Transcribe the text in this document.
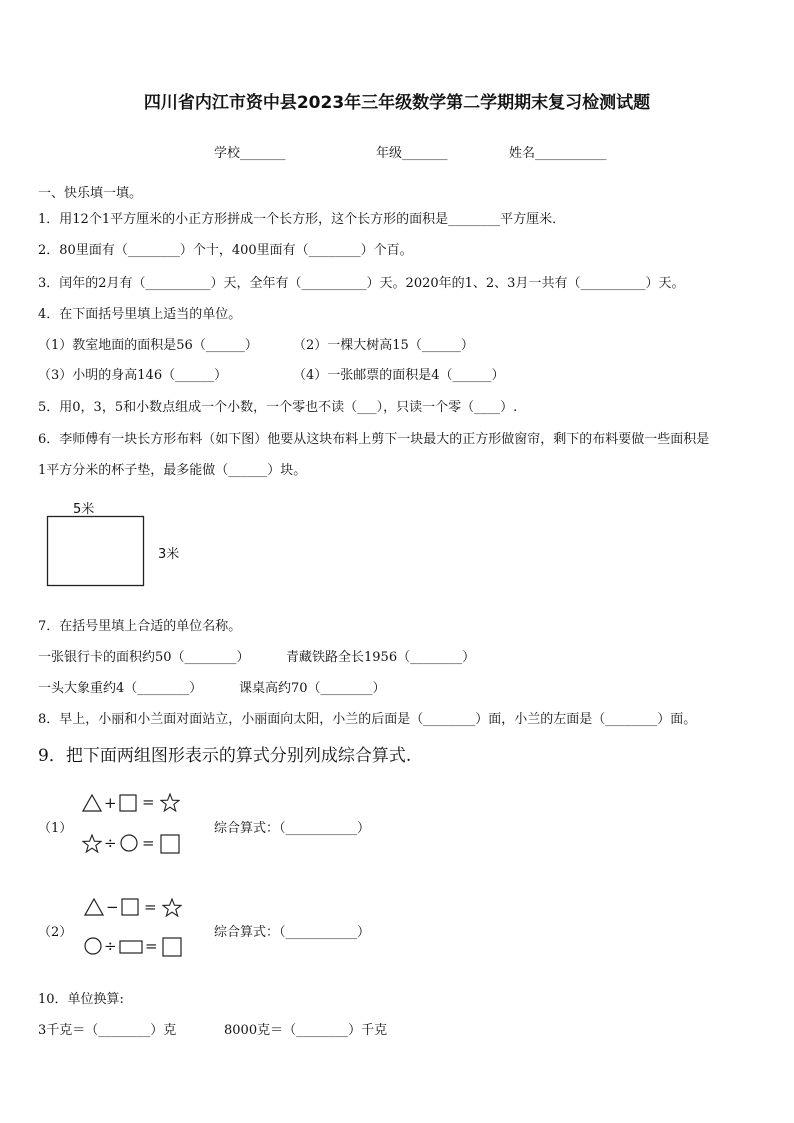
四川省内江市资中县2023年三年级数学第二学期期末复习检测试题
学校_______	年级_______	姓名___________
一、快乐填一填。
1．用12个1平方厘米的小正方形拼成一个长方形，这个长方形的面积是________平方厘米．
2．80里面有（________）个十，400里面有（________）个百。
3．闰年的2月有（__________）天，全年有（__________）天。2020年的1、2、3月一共有（__________）天。
4．在下面括号里填上适当的单位。
（1）教室地面的面积是56（______）	（2）一棵大树高15（______）
（3）小明的身高146（______）	（4）一张邮票的面积是4（______）
5．用0，3，5和小数点组成一个小数，一个零也不读（___），只读一个零（____）.
6．李师傅有一块长方形布料（如下图）他要从这块布料上剪下一块最大的正方形做窗帘，剩下的布料要做一些面积是
1平方分米的杯子垫，最多能做（______）块。
5米
3米
7．在括号里填上合适的单位名称。
一张银行卡的面积约50（________）	青藏铁路全长1956（________）
一头大象重约4（________）	课桌高约70（________）
8．早上，小丽和小兰面对面站立，小丽面向太阳，小兰的后面是（________）面，小兰的左面是（________）面。
9．把下面两组图形表示的算式分别列成综合算式.
（1）	综合算式：（___________）
+ =
÷ =
（2）	综合算式：（___________）
− =
÷ =
10．单位换算:
3千克＝（________）克	8000克＝（________）千克
